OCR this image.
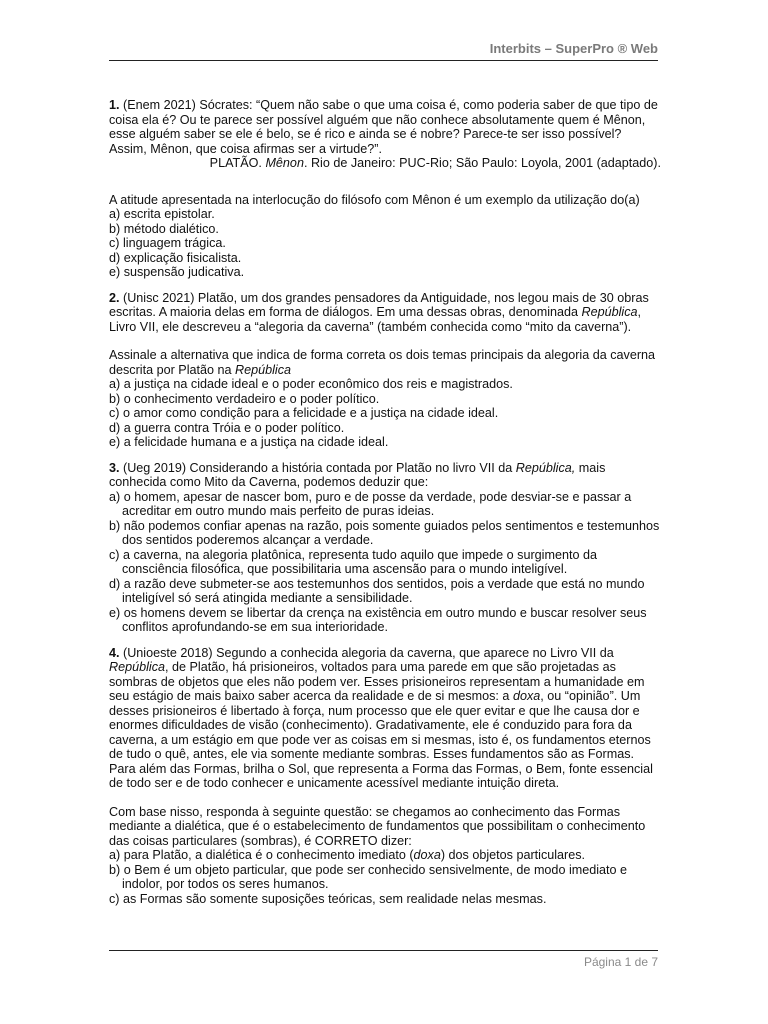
Interbits – SuperPro ® Web

1. (Enem 2021) Sócrates: “Quem não sabe o que uma coisa é, como poderia saber de que tipo de coisa ela é? Ou te parece ser possível alguém que não conhece absolutamente quem é Mênon, esse alguém saber se ele é belo, se é rico e ainda se é nobre? Parece-te ser isso possível? Assim, Mênon, que coisa afirmas ser a virtude?”.

PLATÃO. Mênon. Rio de Janeiro: PUC-Rio; São Paulo: Loyola, 2001 (adaptado).

A atitude apresentada na interlocução do filósofo com Mênon é um exemplo da utilização do(a)

a) escrita epistolar.

b) método dialético.

c) linguagem trágica.

d) explicação fisicalista.

e) suspensão judicativa.

2. (Unisc 2021) Platão, um dos grandes pensadores da Antiguidade, nos legou mais de 30 obras escritas. A maioria delas em forma de diálogos. Em uma dessas obras, denominada República, Livro VII, ele descreveu a “alegoria da caverna” (também conhecida como “mito da caverna”).

Assinale a alternativa que indica de forma correta os dois temas principais da alegoria da caverna descrita por Platão na República

a) a justiça na cidade ideal e o poder econômico dos reis e magistrados.

b) o conhecimento verdadeiro e o poder político.

c) o amor como condição para a felicidade e a justiça na cidade ideal.

d) a guerra contra Tróia e o poder político.

e) a felicidade humana e a justiça na cidade ideal.

3. (Ueg 2019) Considerando a história contada por Platão no livro VII da República, mais conhecida como Mito da Caverna, podemos deduzir que:

a) o homem, apesar de nascer bom, puro e de posse da verdade, pode desviar-se e passar a acreditar em outro mundo mais perfeito de puras ideias.

b) não podemos confiar apenas na razão, pois somente guiados pelos sentimentos e testemunhos dos sentidos poderemos alcançar a verdade.

c) a caverna, na alegoria platônica, representa tudo aquilo que impede o surgimento da consciência filosófica, que possibilitaria uma ascensão para o mundo inteligível.

d) a razão deve submeter-se aos testemunhos dos sentidos, pois a verdade que está no mundo inteligível só será atingida mediante a sensibilidade.

e) os homens devem se libertar da crença na existência em outro mundo e buscar resolver seus conflitos aprofundando-se em sua interioridade.

4. (Unioeste 2018) Segundo a conhecida alegoria da caverna, que aparece no Livro VII da República, de Platão, há prisioneiros, voltados para uma parede em que são projetadas as sombras de objetos que eles não podem ver. Esses prisioneiros representam a humanidade em seu estágio de mais baixo saber acerca da realidade e de si mesmos: a doxa, ou “opinião”. Um desses prisioneiros é libertado à força, num processo que ele quer evitar e que lhe causa dor e enormes dificuldades de visão (conhecimento). Gradativamente, ele é conduzido para fora da caverna, a um estágio em que pode ver as coisas em si mesmas, isto é, os fundamentos eternos de tudo o quê, antes, ele via somente mediante sombras. Esses fundamentos são as Formas. Para além das Formas, brilha o Sol, que representa a Forma das Formas, o Bem, fonte essencial de todo ser e de todo conhecer e unicamente acessível mediante intuição direta.

Com base nisso, responda à seguinte questão: se chegamos ao conhecimento das Formas mediante a dialética, que é o estabelecimento de fundamentos que possibilitam o conhecimento das coisas particulares (sombras), é CORRETO dizer:

a) para Platão, a dialética é o conhecimento imediato (doxa) dos objetos particulares.

b) o Bem é um objeto particular, que pode ser conhecido sensivelmente, de modo imediato e indolor, por todos os seres humanos.

c) as Formas são somente suposições teóricas, sem realidade nelas mesmas.

Página 1 de 7
